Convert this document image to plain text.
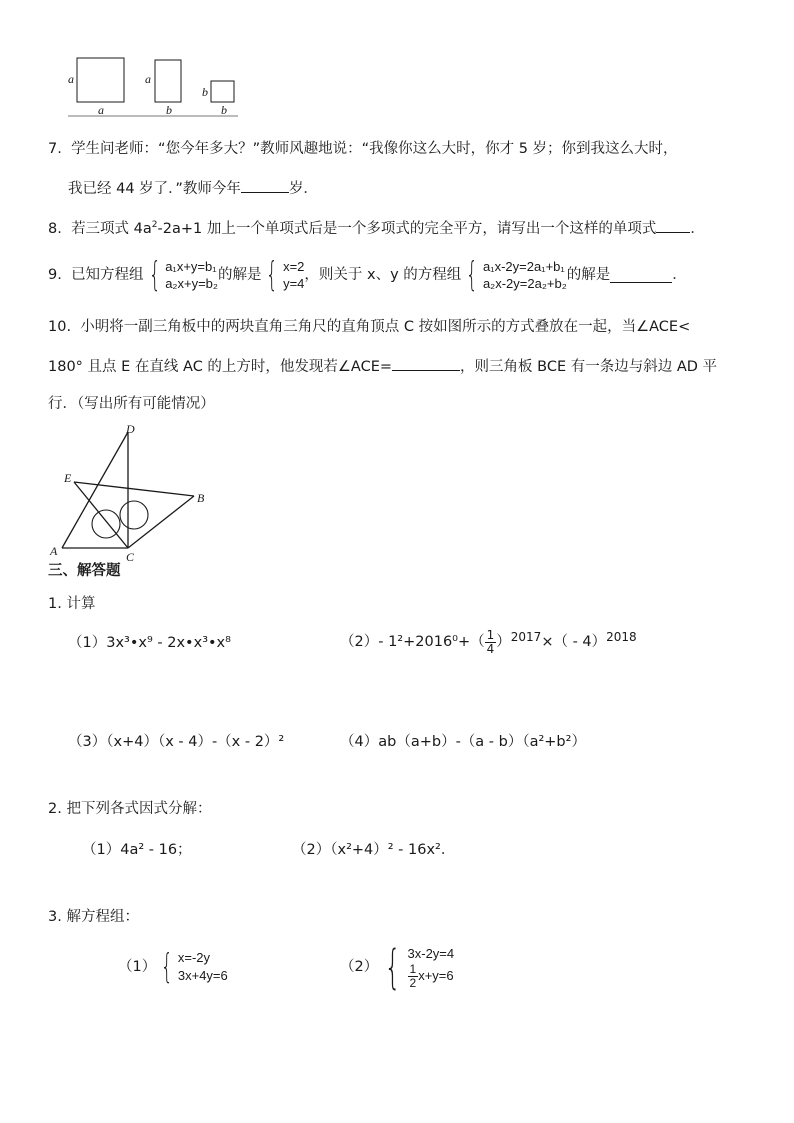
a
a
a
b
b
b
7. 学生问老师：“您今年多大？”教师风趣地说：“我像你这么大时，你才 5 岁；你到我这么大时，
我已经 44 岁了．”教师今年	岁．
8. 若三项式 $4a^2-2a+1$ 加上一个单项式后是一个多项式的完全平方，请写出一个这样的单项式 ．
9.
已知方程组 { a₁x+y=b₁
a₂x+y=b₂
的解是 { x=2
y=4
，则关于 x、y 的方程组 { a₁x-2y=2a₁+b₁
a₂x-2y=2a₂+b₂
的解是	．
10. 小明将一副三角板中的两块直角三角尺的直角顶点 C 按如图所示的方式叠放在一起，当∠ACE<
180° 且点 E 在直线 AC 的上方时，他发现若∠ACE=	，则三角板 BCE 有一条边与斜边 AD 平
行．（写出所有可能情况）
D
E
B
A	C
三、解答题
1. 计算
（1）3x³•x⁹ - 2x•x³•x⁸	$(2) - 1^2+2016^0+( \frac{1}{4}$ ） 2017 ×（ - 4） 2018
（3）（x+4）（x - 4）-（x - 2）²	（4）ab（a+b）-（a - b）（a²+b²）
2. 把下列各式因式分解：
（1）4a² - 16；	（2）（x²+4）² - 16x²．
3. 解方程组：
（1） { x=-2y
3x+4y=6
（2） { 3x-2y=4
$\frac{1}{2} x+y=6$
